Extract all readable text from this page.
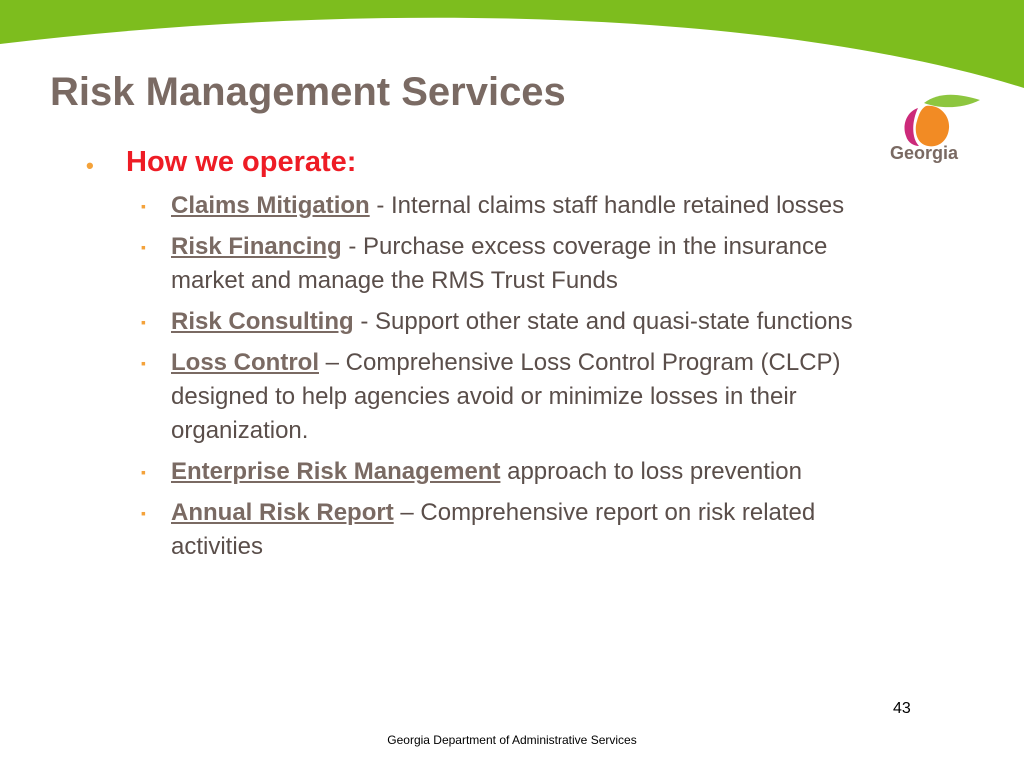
Risk Management Services
Georgia
• How we operate:
▪ Claims Mitigation - Internal claims staff handle retained losses
▪ Risk Financing - Purchase excess coverage in the insurance market and manage the RMS Trust Funds
▪ Risk Consulting - Support other state and quasi-state functions
▪ Loss Control – Comprehensive Loss Control Program (CLCP) designed to help agencies avoid or minimize losses in their organization.
▪ Enterprise Risk Management approach to loss prevention
▪ Annual Risk Report – Comprehensive report on risk related activities
43
Georgia Department of Administrative Services
